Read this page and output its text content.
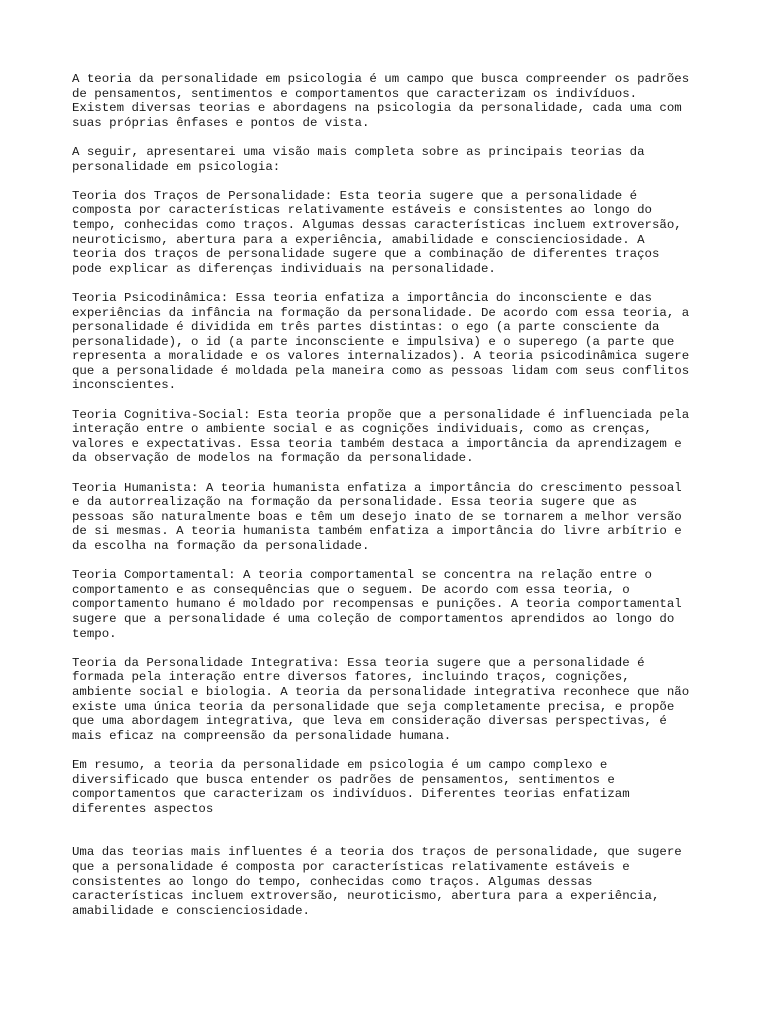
A teoria da personalidade em psicologia é um campo que busca compreender os padrões
de pensamentos, sentimentos e comportamentos que caracterizam os indivíduos.
Existem diversas teorias e abordagens na psicologia da personalidade, cada uma com
suas próprias ênfases e pontos de vista.

A seguir, apresentarei uma visão mais completa sobre as principais teorias da
personalidade em psicologia:

Teoria dos Traços de Personalidade: Esta teoria sugere que a personalidade é
composta por características relativamente estáveis e consistentes ao longo do
tempo, conhecidas como traços. Algumas dessas características incluem extroversão,
neuroticismo, abertura para a experiência, amabilidade e conscienciosidade. A
teoria dos traços de personalidade sugere que a combinação de diferentes traços
pode explicar as diferenças individuais na personalidade.

Teoria Psicodinâmica: Essa teoria enfatiza a importância do inconsciente e das
experiências da infância na formação da personalidade. De acordo com essa teoria, a
personalidade é dividida em três partes distintas: o ego (a parte consciente da
personalidade), o id (a parte inconsciente e impulsiva) e o superego (a parte que
representa a moralidade e os valores internalizados). A teoria psicodinâmica sugere
que a personalidade é moldada pela maneira como as pessoas lidam com seus conflitos
inconscientes.

Teoria Cognitiva-Social: Esta teoria propõe que a personalidade é influenciada pela
interação entre o ambiente social e as cognições individuais, como as crenças,
valores e expectativas. Essa teoria também destaca a importância da aprendizagem e
da observação de modelos na formação da personalidade.

Teoria Humanista: A teoria humanista enfatiza a importância do crescimento pessoal
e da autorrealização na formação da personalidade. Essa teoria sugere que as
pessoas são naturalmente boas e têm um desejo inato de se tornarem a melhor versão
de si mesmas. A teoria humanista também enfatiza a importância do livre arbítrio e
da escolha na formação da personalidade.

Teoria Comportamental: A teoria comportamental se concentra na relação entre o
comportamento e as consequências que o seguem. De acordo com essa teoria, o
comportamento humano é moldado por recompensas e punições. A teoria comportamental
sugere que a personalidade é uma coleção de comportamentos aprendidos ao longo do
tempo.

Teoria da Personalidade Integrativa: Essa teoria sugere que a personalidade é
formada pela interação entre diversos fatores, incluindo traços, cognições,
ambiente social e biologia. A teoria da personalidade integrativa reconhece que não
existe uma única teoria da personalidade que seja completamente precisa, e propõe
que uma abordagem integrativa, que leva em consideração diversas perspectivas, é
mais eficaz na compreensão da personalidade humana.

Em resumo, a teoria da personalidade em psicologia é um campo complexo e
diversificado que busca entender os padrões de pensamentos, sentimentos e
comportamentos que caracterizam os indivíduos. Diferentes teorias enfatizam
diferentes aspectos

Uma das teorias mais influentes é a teoria dos traços de personalidade, que sugere
que a personalidade é composta por características relativamente estáveis e
consistentes ao longo do tempo, conhecidas como traços. Algumas dessas
características incluem extroversão, neuroticismo, abertura para a experiência,
amabilidade e conscienciosidade.
